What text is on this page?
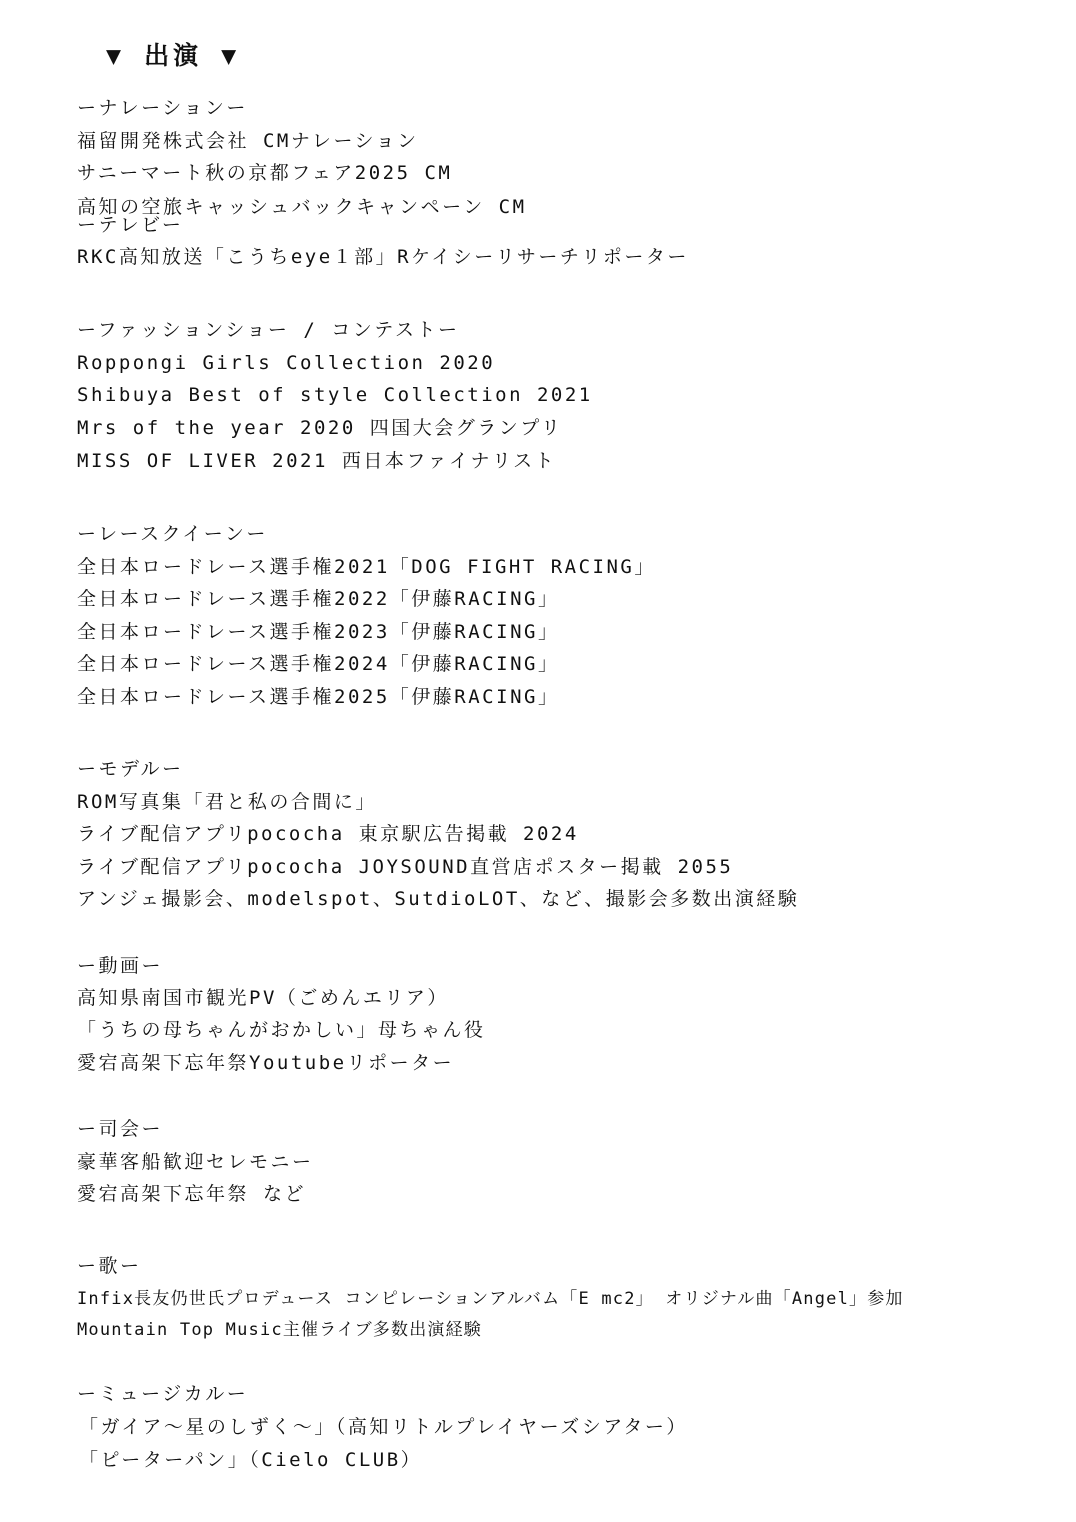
▼ 出演 ▼
ーナレーションー
福留開発株式会社 CMナレーション
サニーマート秋の京都フェア2025 CM
高知の空旅キャッシュバックキャンペーン CM
ーテレビー
RKC高知放送「こうちeye１部」Rケイシーリサーチリポーター
ーファッションショー / コンテストー
Roppongi Girls Collection 2020
Shibuya Best of style Collection 2021
Mrs of the year 2020 四国大会グランプリ
MISS OF LIVER 2021 西日本ファイナリスト
ーレースクイーンー
全日本ロードレース選手権2021「DOG FIGHT RACING」
全日本ロードレース選手権2022「伊藤RACING」
全日本ロードレース選手権2023「伊藤RACING」
全日本ロードレース選手権2024「伊藤RACING」
全日本ロードレース選手権2025「伊藤RACING」
ーモデルー
ROM写真集「君と私の合間に」
ライブ配信アプリpococha 東京駅広告掲載 2024
ライブ配信アプリpococha JOYSOUND直営店ポスター掲載 2055
アンジェ撮影会、modelspot、SutdioLOT、など、撮影会多数出演経験
ー動画ー
高知県南国市観光PV（ごめんエリア）
「うちの母ちゃんがおかしい」母ちゃん役
愛宕高架下忘年祭Youtubeリポーター
ー司会ー
豪華客船歓迎セレモニー
愛宕高架下忘年祭 など
ー歌ー
Infix長友仍世氏プロデュース コンピレーションアルバム「E mc2」 オリジナル曲「Angel」参加
Mountain Top Music主催ライブ多数出演経験
ーミュージカルー
「ガイア～星のしずく～」（高知リトルプレイヤーズシアター）
「ピーターパン」（Cielo CLUB）
